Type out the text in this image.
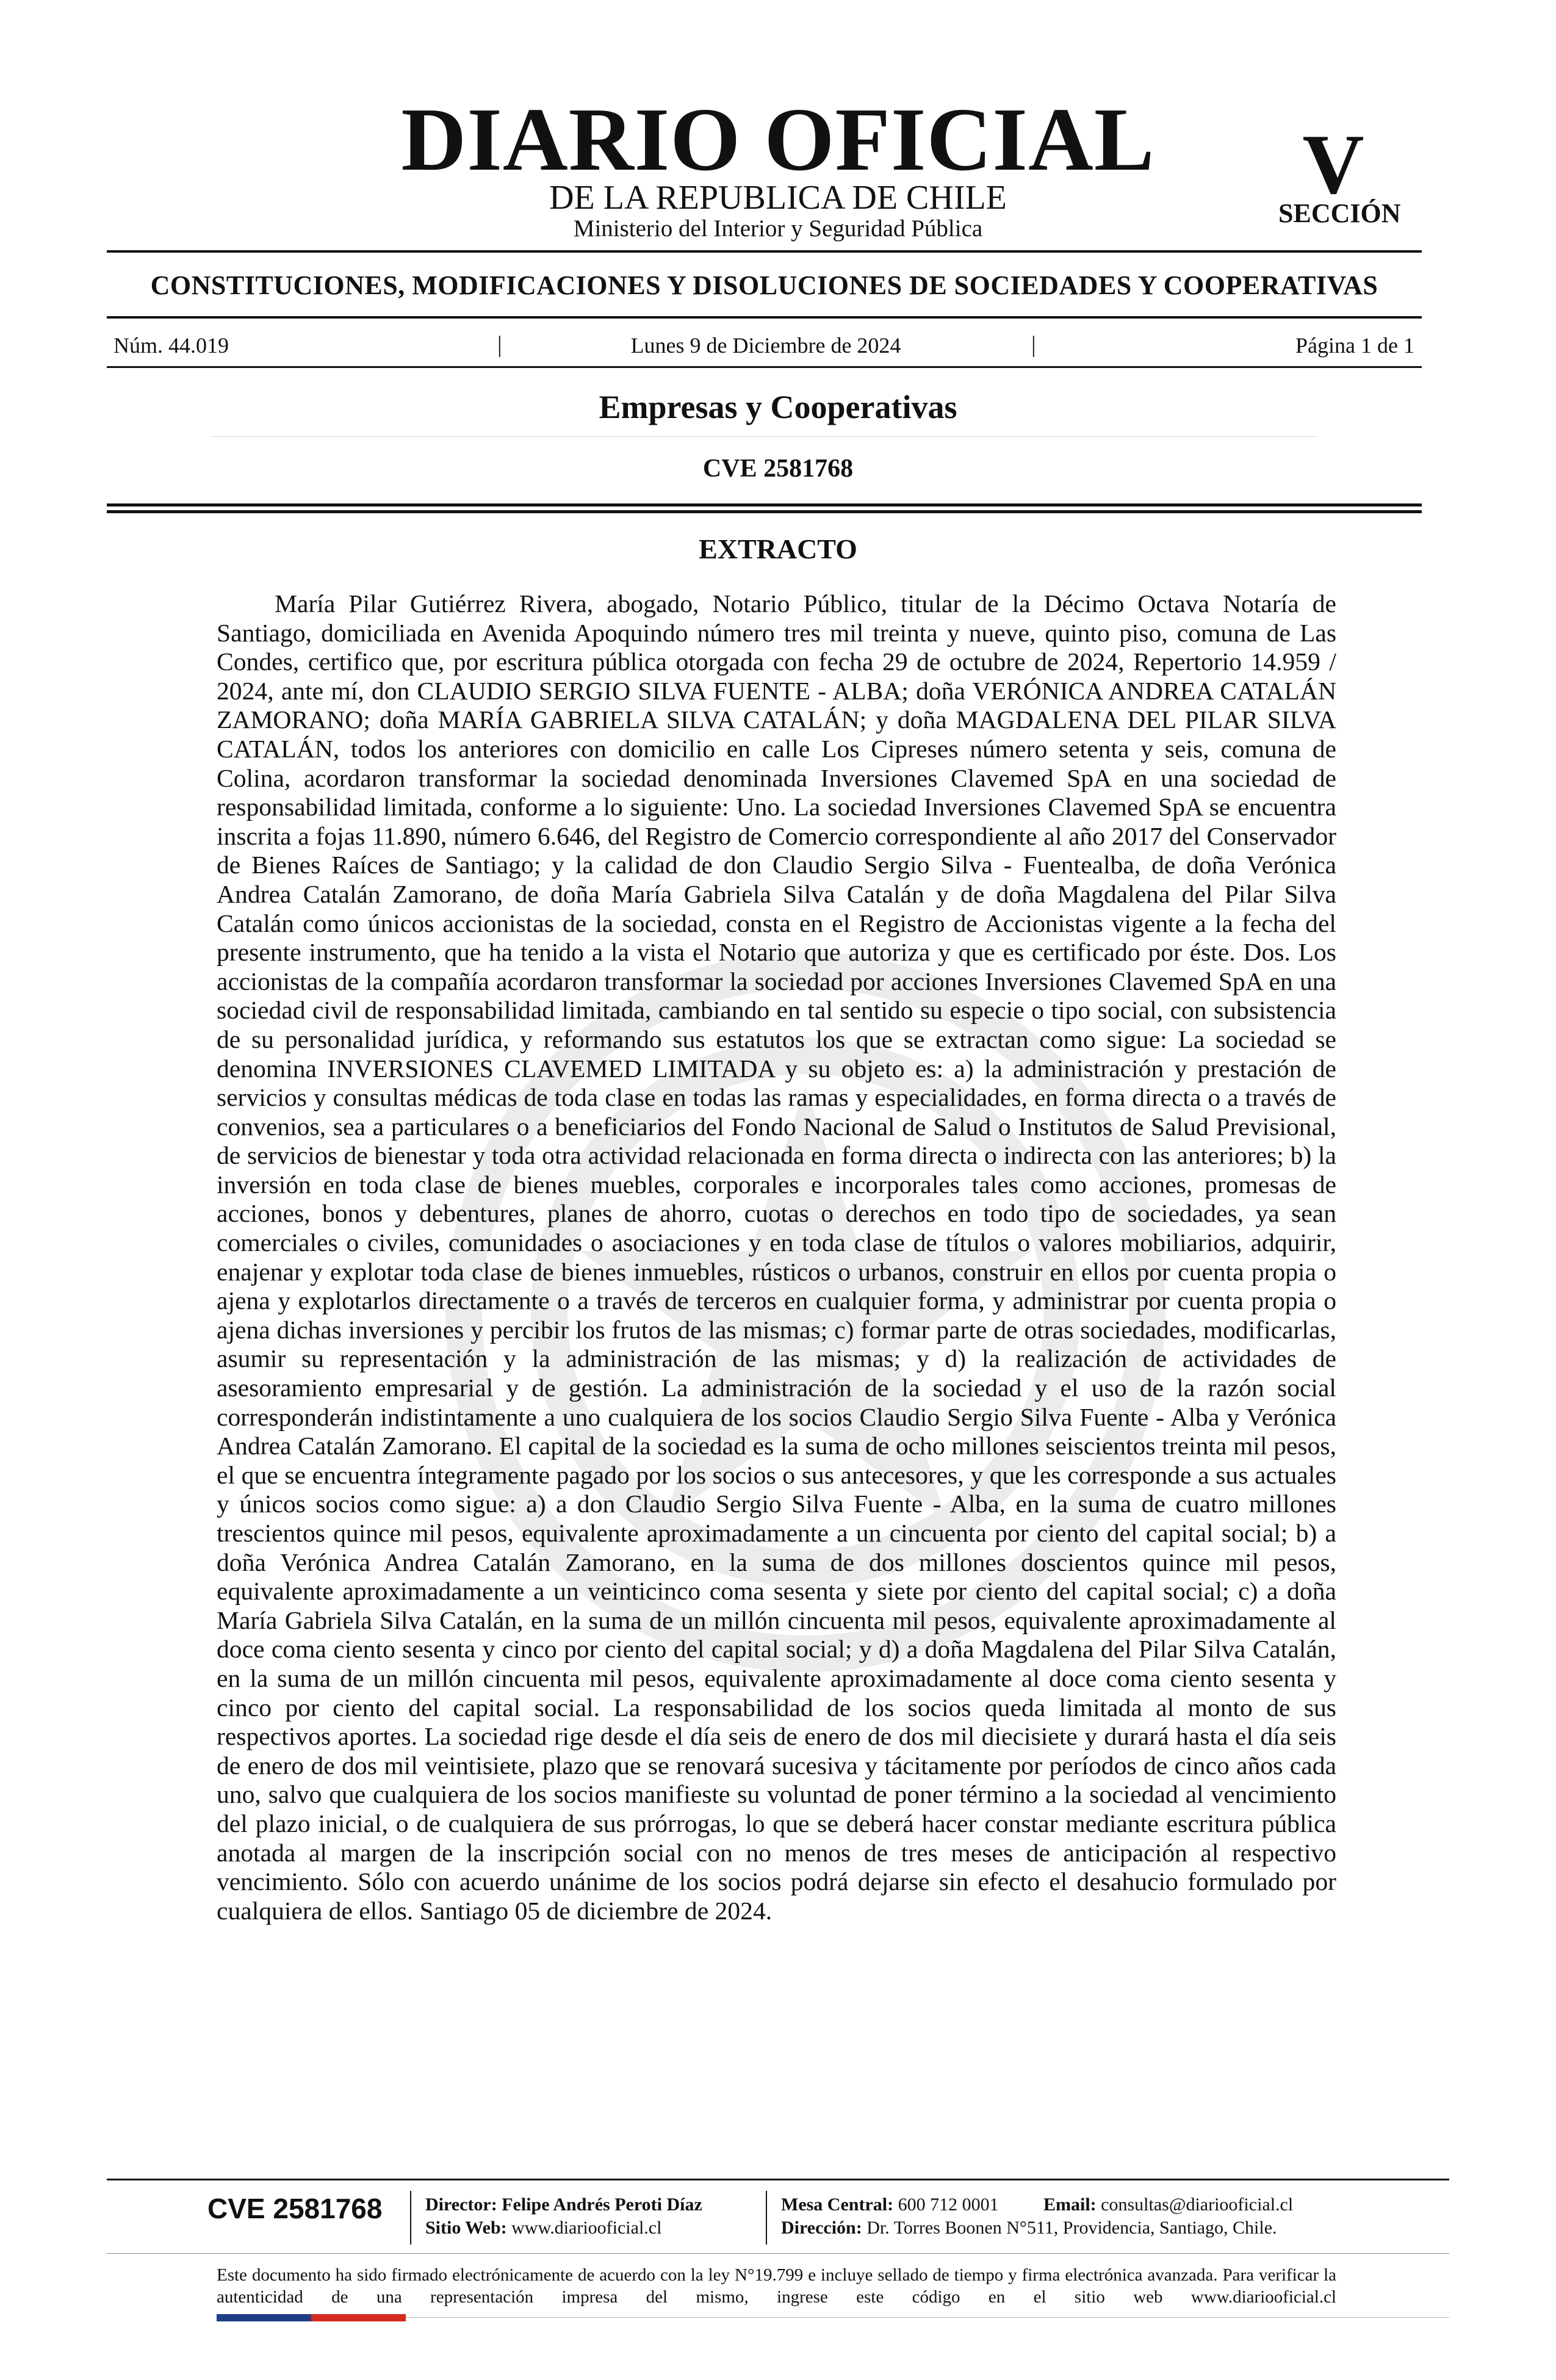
DIARIO OFICIAL
DE LA REPUBLICA DE CHILE
Ministerio del Interior y Seguridad Pública
V
SECCIÓN
CONSTITUCIONES, MODIFICACIONES Y DISOLUCIONES DE SOCIEDADES Y COOPERATIVAS
Núm. 44.019	|	Lunes 9 de Diciembre de 2024	|	Página 1 de 1
Empresas y Cooperativas
CVE 2581768
EXTRACTO

María Pilar Gutiérrez Rivera, abogado, Notario Público, titular de la Décimo Octava Notaría de Santiago, domiciliada en Avenida Apoquindo número tres mil treinta y nueve, quinto piso, comuna de Las Condes, certifico que, por escritura pública otorgada con fecha 29 de octubre de 2024, Repertorio 14.959 / 2024, ante mí, don CLAUDIO SERGIO SILVA FUENTE - ALBA; doña VERÓNICA ANDREA CATALÁN ZAMORANO; doña MARÍA GABRIELA SILVA CATALÁN; y doña MAGDALENA DEL PILAR SILVA CATALÁN, todos los anteriores con domicilio en calle Los Cipreses número setenta y seis, comuna de Colina, acordaron transformar la sociedad denominada Inversiones Clavemed SpA en una sociedad de responsabilidad limitada, conforme a lo siguiente: Uno. La sociedad Inversiones Clavemed SpA se encuentra inscrita a fojas 11.890, número 6.646, del Registro de Comercio correspondiente al año 2017 del Conservador de Bienes Raíces de Santiago; y la calidad de don Claudio Sergio Silva - Fuentealba, de doña Verónica Andrea Catalán Zamorano, de doña María Gabriela Silva Catalán y de doña Magdalena del Pilar Silva Catalán como únicos accionistas de la sociedad, consta en el Registro de Accionistas vigente a la fecha del presente instrumento, que ha tenido a la vista el Notario que autoriza y que es certificado por éste. Dos. Los accionistas de la compañía acordaron transformar la sociedad por acciones Inversiones Clavemed SpA en una sociedad civil de responsabilidad limitada, cambiando en tal sentido su especie o tipo social, con subsistencia de su personalidad jurídica, y reformando sus estatutos los que se extractan como sigue: La sociedad se denomina INVERSIONES CLAVEMED LIMITADA y su objeto es: a) la administración y prestación de servicios y consultas médicas de toda clase en todas las ramas y especialidades, en forma directa o a través de convenios, sea a particulares o a beneficiarios del Fondo Nacional de Salud o Institutos de Salud Previsional, de servicios de bienestar y toda otra actividad relacionada en forma directa o indirecta con las anteriores; b) la inversión en toda clase de bienes muebles, corporales e incorporales tales como acciones, promesas de acciones, bonos y debentures, planes de ahorro, cuotas o derechos en todo tipo de sociedades, ya sean comerciales o civiles, comunidades o asociaciones y en toda clase de títulos o valores mobiliarios, adquirir, enajenar y explotar toda clase de bienes inmuebles, rústicos o urbanos, construir en ellos por cuenta propia o ajena y explotarlos directamente o a través de terceros en cualquier forma, y administrar por cuenta propia o ajena dichas inversiones y percibir los frutos de las mismas; c) formar parte de otras sociedades, modificarlas, asumir su representación y la administración de las mismas; y d) la realización de actividades de asesoramiento empresarial y de gestión. La administración de la sociedad y el uso de la razón social corresponderán indistintamente a uno cualquiera de los socios Claudio Sergio Silva Fuente - Alba y Verónica Andrea Catalán Zamorano. El capital de la sociedad es la suma de ocho millones seiscientos treinta mil pesos, el que se encuentra íntegramente pagado por los socios o sus antecesores, y que les corresponde a sus actuales y únicos socios como sigue: a) a don Claudio Sergio Silva Fuente - Alba, en la suma de cuatro millones trescientos quince mil pesos, equivalente aproximadamente a un cincuenta por ciento del capital social; b) a doña Verónica Andrea Catalán Zamorano, en la suma de dos millones doscientos quince mil pesos, equivalente aproximadamente a un veinticinco coma sesenta y siete por ciento del capital social; c) a doña María Gabriela Silva Catalán, en la suma de un millón cincuenta mil pesos, equivalente aproximadamente al doce coma ciento sesenta y cinco por ciento del capital social; y d) a doña Magdalena del Pilar Silva Catalán, en la suma de un millón cincuenta mil pesos, equivalente aproximadamente al doce coma ciento sesenta y cinco por ciento del capital social. La responsabilidad de los socios queda limitada al monto de sus respectivos aportes. La sociedad rige desde el día seis de enero de dos mil diecisiete y durará hasta el día seis de enero de dos mil veintisiete, plazo que se renovará sucesiva y tácitamente por períodos de cinco años cada uno, salvo que cualquiera de los socios manifieste su voluntad de poner término a la sociedad al vencimiento del plazo inicial, o de cualquiera de sus prórrogas, lo que se deberá hacer constar mediante escritura pública anotada al margen de la inscripción social con no menos de tres meses de anticipación al respectivo vencimiento. Sólo con acuerdo unánime de los socios podrá dejarse sin efecto el desahucio formulado por cualquiera de ellos. Santiago 05 de diciembre de 2024.

CVE 2581768 Director: Felipe Andrés Peroti Díaz
Sitio Web: www.diariooficial.cl
Mesa Central: 600 712 0001
Dirección: Dr. Torres Boonen N°511, Providencia, Santiago, Chile.
Email: consultas@diariooficial.cl
Este documento ha sido firmado electrónicamente de acuerdo con la ley N°19.799 e incluye sellado de tiempo y firma electrónica avanzada. Para verificar la autenticidad de una representación impresa del mismo, ingrese este código en el sitio web www.diariooficial.cl
